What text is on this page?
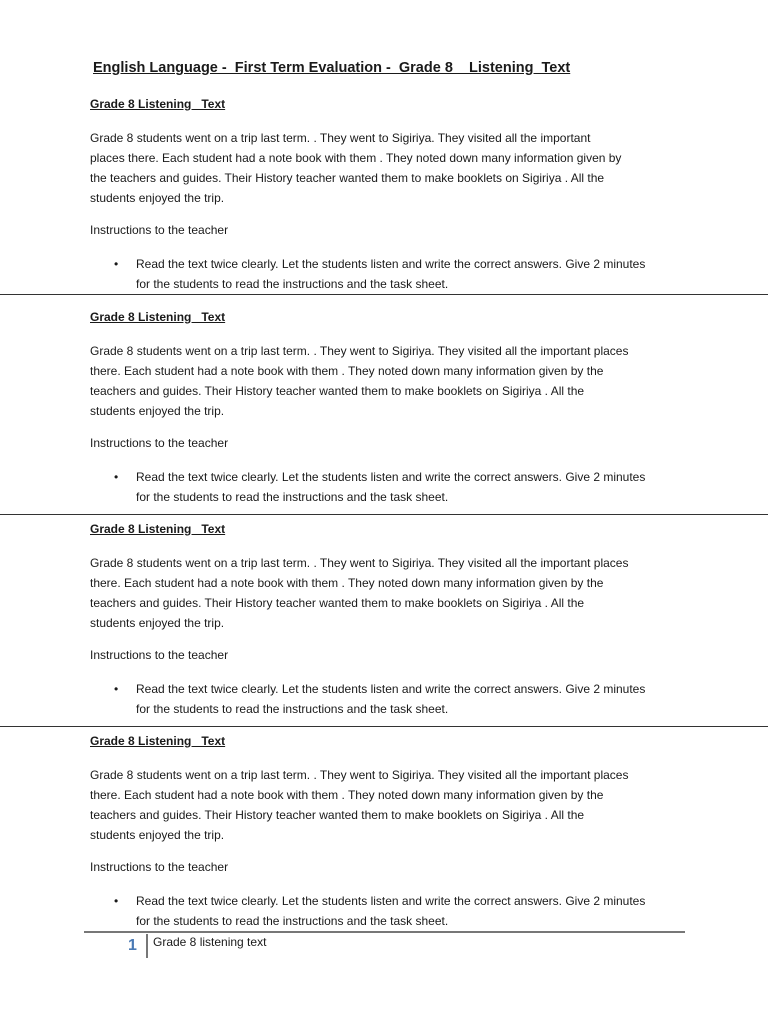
English Language -  First Term Evaluation -  Grade 8    Listening  Text
Grade 8 Listening   Text
Grade 8 students went on a trip last term. . They went to Sigiriya. They visited all the important
places there. Each student had a note book with them . They noted down many information given by
the teachers and guides. Their History teacher wanted them to make booklets on Sigiriya . All the
students enjoyed the trip.
Instructions to the teacher
• Read the text twice clearly. Let the students listen and write the correct answers. Give 2 minutes
for the students to read the instructions and the task sheet.
Grade 8 Listening   Text
Grade 8 students went on a trip last term. . They went to Sigiriya. They visited all the important places
there. Each student had a note book with them . They noted down many information given by the
teachers and guides. Their History teacher wanted them to make booklets on Sigiriya . All the
students enjoyed the trip.
Instructions to the teacher
• Read the text twice clearly. Let the students listen and write the correct answers. Give 2 minutes
for the students to read the instructions and the task sheet.
Grade 8 Listening   Text
Grade 8 students went on a trip last term. . They went to Sigiriya. They visited all the important places
there. Each student had a note book with them . They noted down many information given by the
teachers and guides. Their History teacher wanted them to make booklets on Sigiriya . All the
students enjoyed the trip.
Instructions to the teacher
• Read the text twice clearly. Let the students listen and write the correct answers. Give 2 minutes
for the students to read the instructions and the task sheet.
Grade 8 Listening   Text
Grade 8 students went on a trip last term. . They went to Sigiriya. They visited all the important places
there. Each student had a note book with them . They noted down many information given by the
teachers and guides. Their History teacher wanted them to make booklets on Sigiriya . All the
students enjoyed the trip.
Instructions to the teacher
• Read the text twice clearly. Let the students listen and write the correct answers. Give 2 minutes
for the students to read the instructions and the task sheet.
1 Grade 8 listening text
